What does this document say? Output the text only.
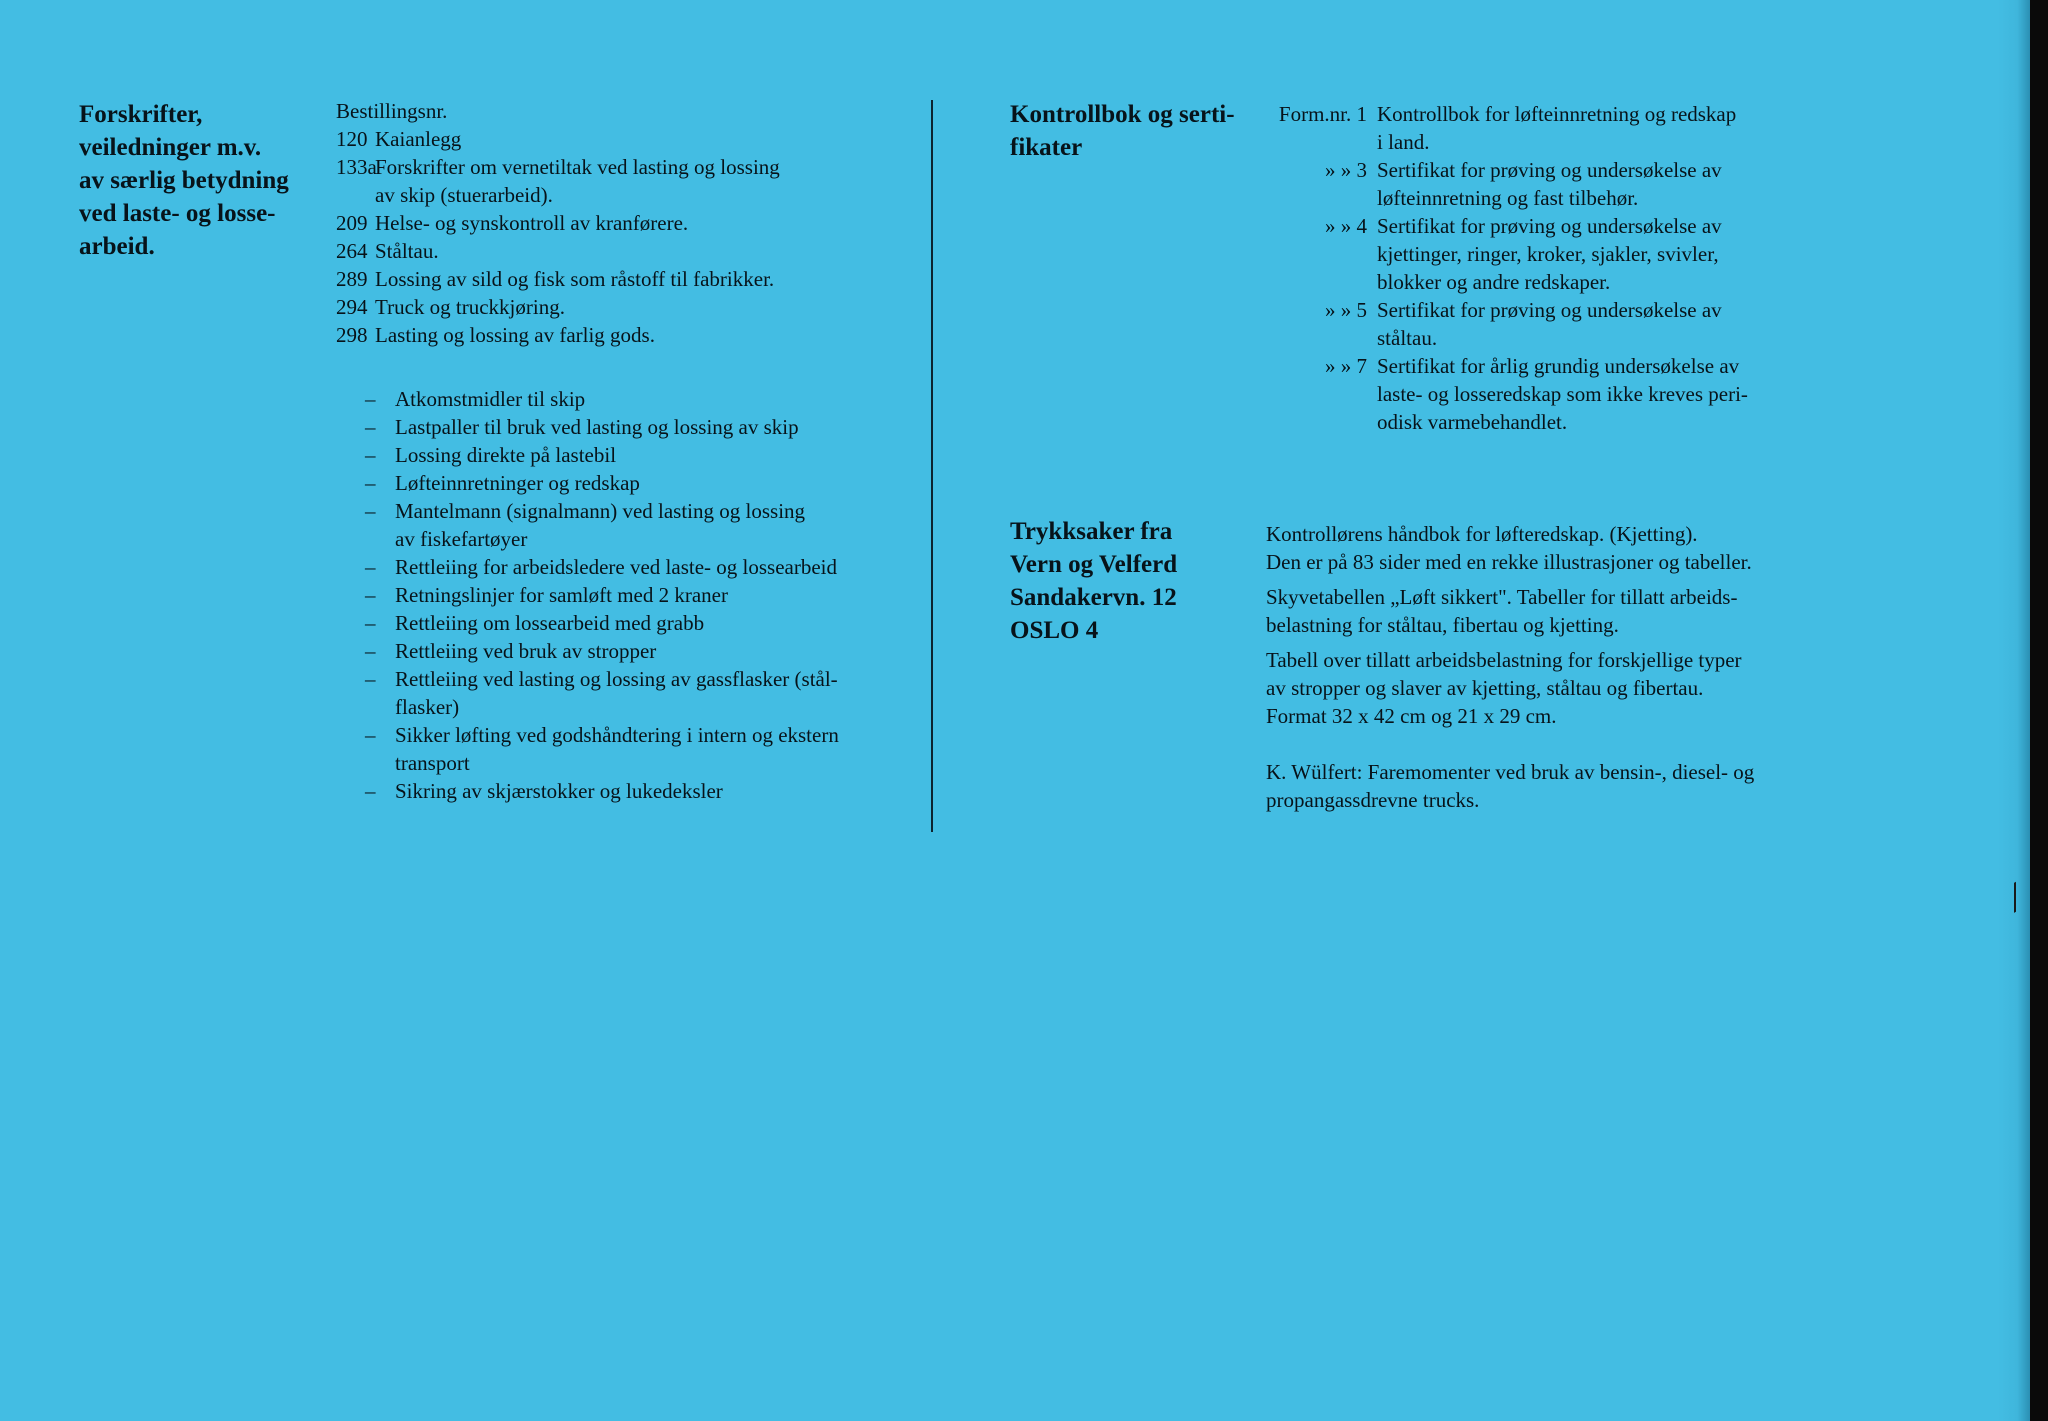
Forskrifter,
veiledninger m.v.
av særlig betydning
ved laste- og losse-
arbeid.
Bestillingsnr.
120 Kaianlegg
133a
Forskrifter om vernetiltak ved lasting og lossing
av skip (stuerarbeid).
209 Helse- og synskontroll av kranførere.
264 Ståltau.
289 Lossing av sild og fisk som råstoff til fabrikker.
294 Truck og truckkjøring.
298 Lasting og lossing av farlig gods.
– Atkomstmidler til skip
– Lastpaller til bruk ved lasting og lossing av skip
– Lossing direkte på lastebil
– Løfteinnretninger og redskap
– Mantelmann (signalmann) ved lasting og lossing
av fiskefartøyer
– Rettleiing for arbeidsledere ved laste- og lossearbeid
– Retningslinjer for samløft med 2 kraner
– Rettleiing om lossearbeid med grabb
– Rettleiing ved bruk av stropper
– Rettleiing ved lasting og lossing av gassflasker (stål-
flasker)
– Sikker løfting ved godshåndtering i intern og ekstern
transport
– Sikring av skjærstokker og lukedeksler
Kontrollbok og serti-
fikater
Form.nr. 1 Kontrollbok for løfteinnretning og redskap
i land.
» » 3 Sertifikat for prøving og undersøkelse av
løfteinnretning og fast tilbehør.
» » 4 Sertifikat for prøving og undersøkelse av
kjettinger, ringer, kroker, sjakler, svivler,
blokker og andre redskaper.
» » 5 Sertifikat for prøving og undersøkelse av
ståltau.
» » 7 Sertifikat for årlig grundig undersøkelse av
laste- og losseredskap som ikke kreves peri-
odisk varmebehandlet.
Trykksaker fra
Vern og Velferd
Sandakervn. 12
OSLO 4
Kontrollørens håndbok for løfteredskap. (Kjetting).
Den er på 83 sider med en rekke illustrasjoner og tabeller.
Skyvetabellen „Løft sikkert". Tabeller for tillatt arbeids-
belastning for ståltau, fibertau og kjetting.
Tabell over tillatt arbeidsbelastning for forskjellige typer
av stropper og slaver av kjetting, ståltau og fibertau.
Format 32 x 42 cm og 21 x 29 cm.
K. Wülfert: Faremomenter ved bruk av bensin-, diesel- og
propangassdrevne trucks.
